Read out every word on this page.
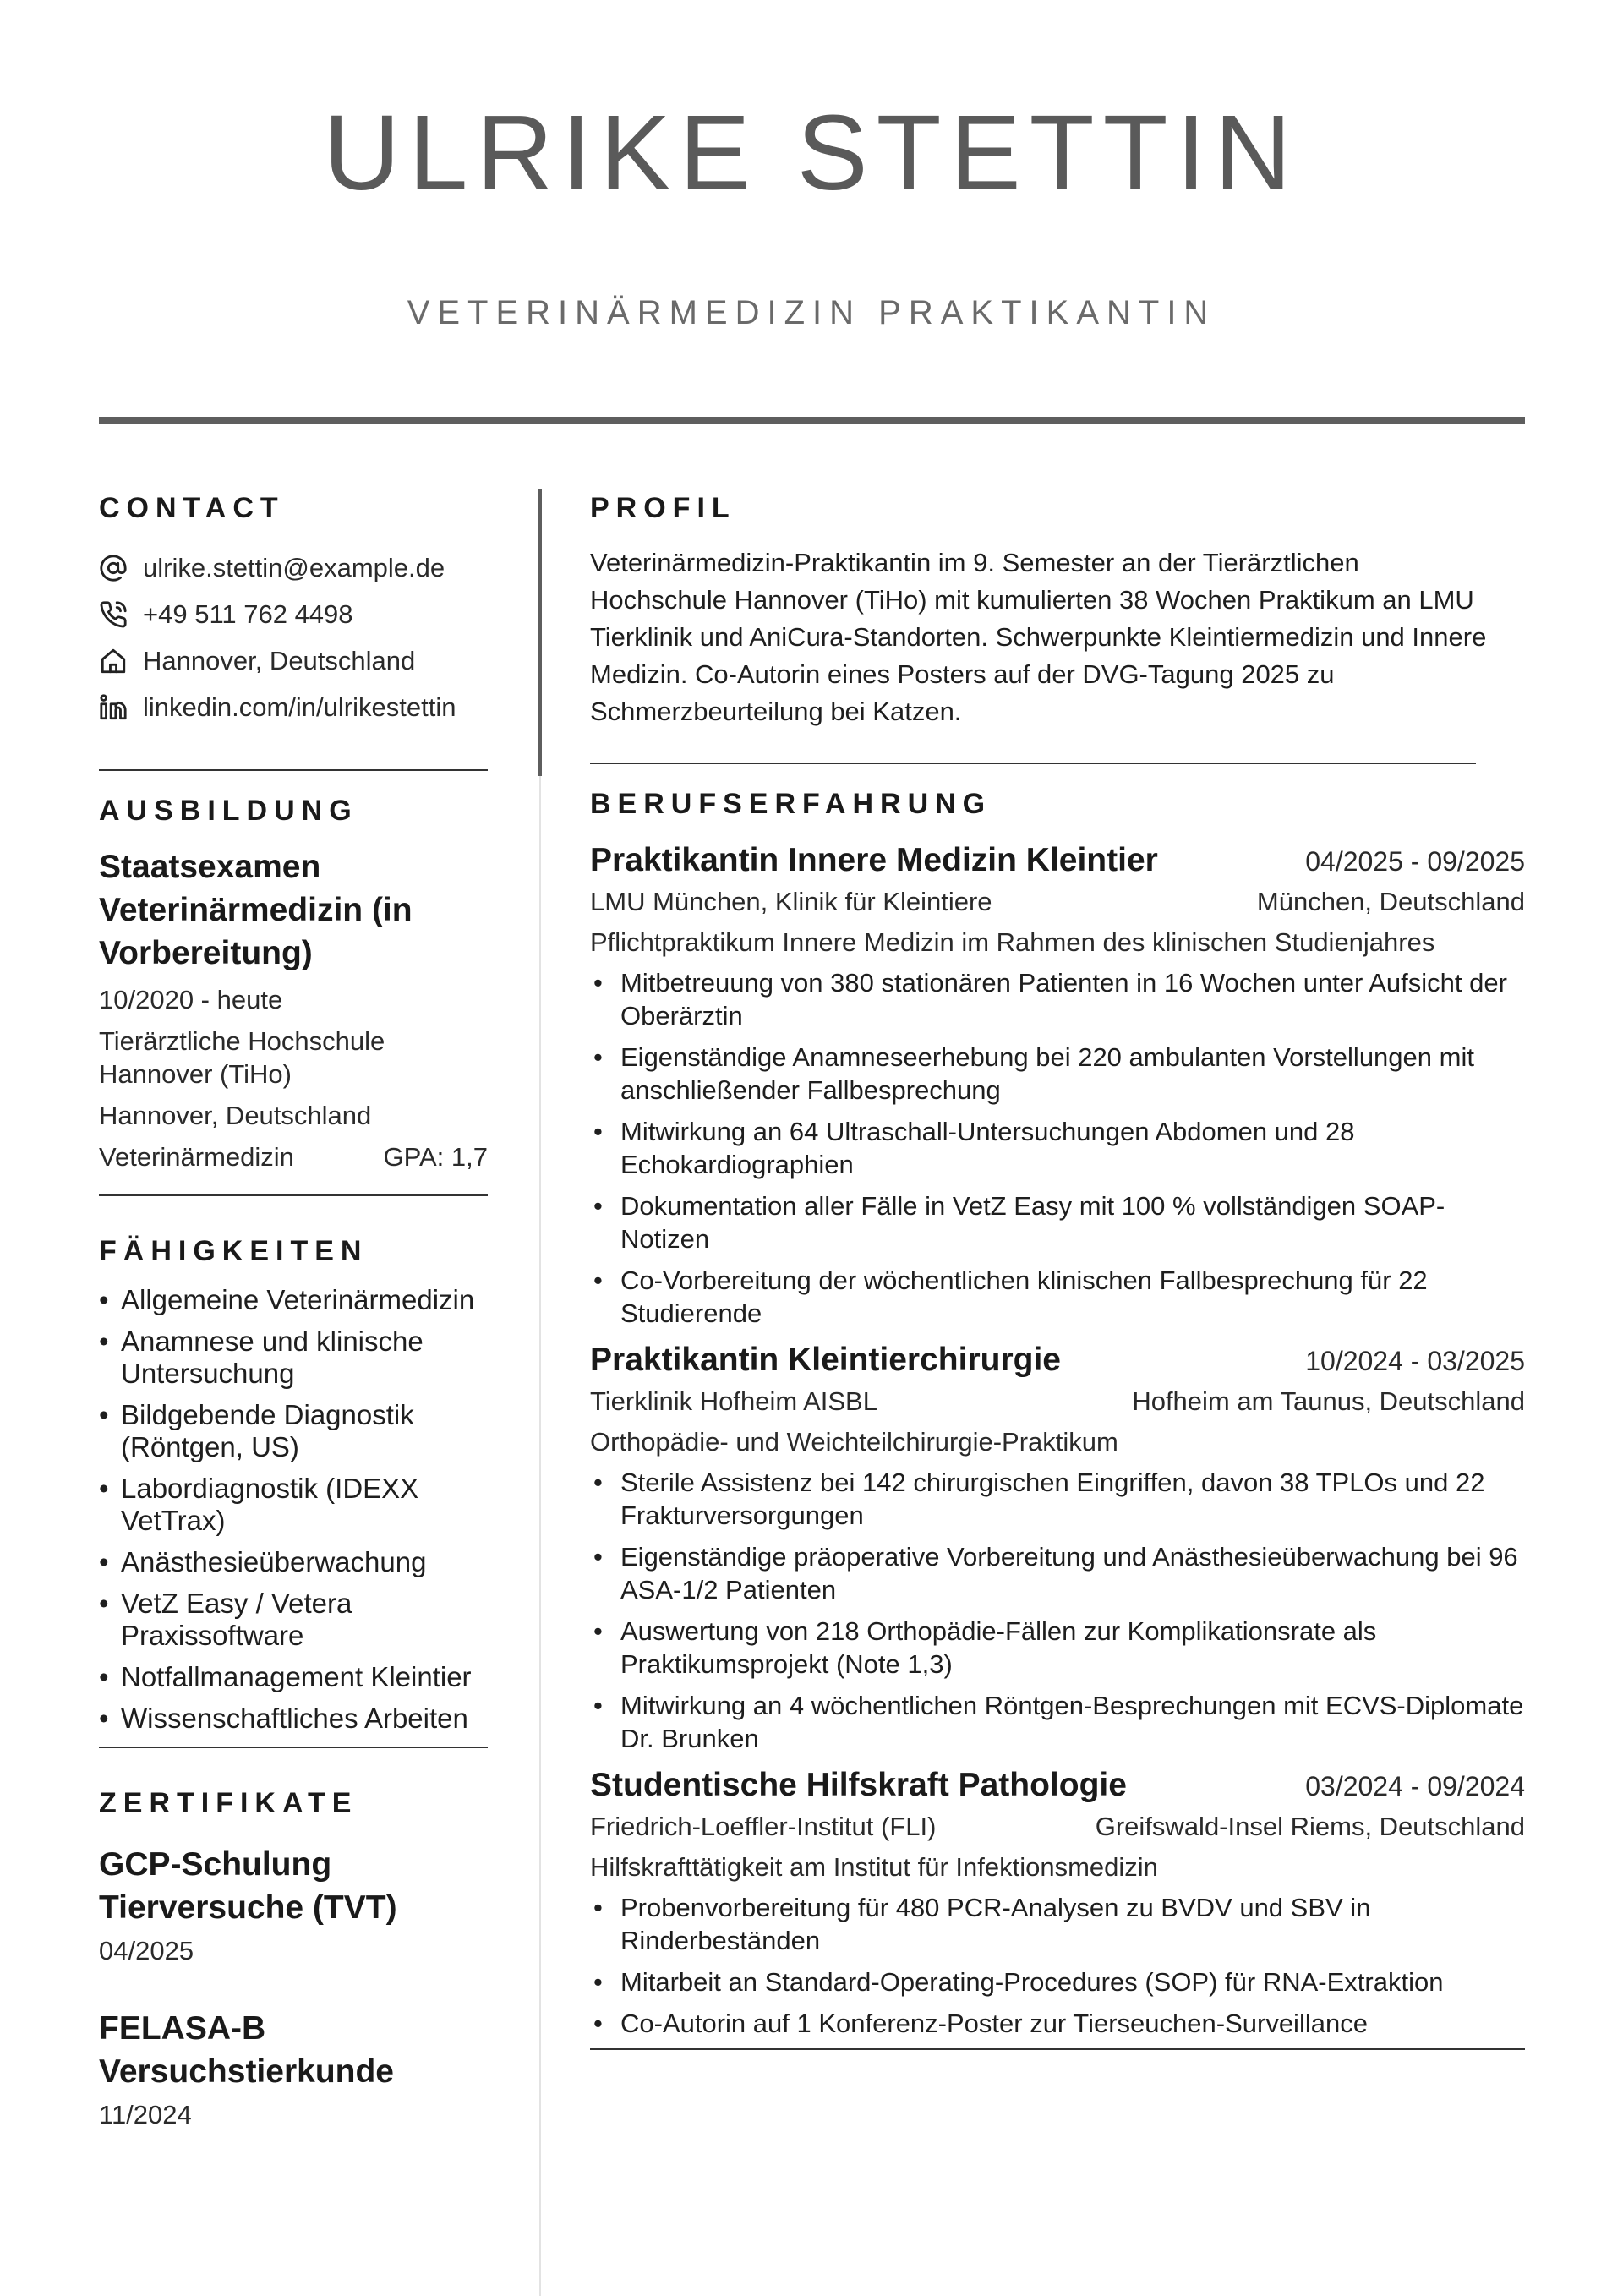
ULRIKE STETTIN
VETERINÄRMEDIZIN PRAKTIKANTIN
CONTACT
ulrike.stettin@example.de
+49 511 762 4498
Hannover, Deutschland
linkedin.com/in/ulrikestettin
AUSBILDUNG
Staatsexamen Veterinärmedizin (in Vorbereitung)
10/2020 - heute
Tierärztliche Hochschule Hannover (TiHo)
Hannover, Deutschland
Veterinärmedizin	GPA: 1,7
FÄHIGKEITEN
• Allgemeine Veterinärmedizin
• Anamnese und klinische Untersuchung
• Bildgebende Diagnostik (Röntgen, US)
• Labordiagnostik (IDEXX VetTrax)
• Anästhesieüberwachung
• VetZ Easy / Vetera Praxissoftware
• Notfallmanagement Kleintier
• Wissenschaftliches Arbeiten
ZERTIFIKATE
GCP-Schulung Tierversuche (TVT)
04/2025
FELASA-B Versuchstierkunde
11/2024
PROFIL
Veterinärmedizin-Praktikantin im 9. Semester an der Tierärztlichen Hochschule Hannover (TiHo) mit kumulierten 38 Wochen Praktikum an LMU Tierklinik und AniCura-Standorten. Schwerpunkte Kleintiermedizin und Innere Medizin. Co-Autorin eines Posters auf der DVG-Tagung 2025 zu Schmerzbeurteilung bei Katzen.
BERUFSERFAHRUNG
Praktikantin Innere Medizin Kleintier	04/2025 - 09/2025
LMU München, Klinik für Kleintiere	München, Deutschland
Pflichtpraktikum Innere Medizin im Rahmen des klinischen Studienjahres
• Mitbetreuung von 380 stationären Patienten in 16 Wochen unter Aufsicht der Oberärztin
• Eigenständige Anamneseerhebung bei 220 ambulanten Vorstellungen mit anschließender Fallbesprechung
• Mitwirkung an 64 Ultraschall-Untersuchungen Abdomen und 28 Echokardiographien
• Dokumentation aller Fälle in VetZ Easy mit 100 % vollständigen SOAP-Notizen
• Co-Vorbereitung der wöchentlichen klinischen Fallbesprechung für 22 Studierende
Praktikantin Kleintierchirurgie	10/2024 - 03/2025
Tierklinik Hofheim AISBL	Hofheim am Taunus, Deutschland
Orthopädie- und Weichteilchirurgie-Praktikum
• Sterile Assistenz bei 142 chirurgischen Eingriffen, davon 38 TPLOs und 22 Frakturversorgungen
• Eigenständige präoperative Vorbereitung und Anästhesieüberwachung bei 96 ASA-1/2 Patienten
• Auswertung von 218 Orthopädie-Fällen zur Komplikationsrate als Praktikumsprojekt (Note 1,3)
• Mitwirkung an 4 wöchentlichen Röntgen-Besprechungen mit ECVS-Diplomate Dr. Brunken
Studentische Hilfskraft Pathologie	03/2024 - 09/2024
Friedrich-Loeffler-Institut (FLI)	Greifswald-Insel Riems, Deutschland
Hilfskrafttätigkeit am Institut für Infektionsmedizin
• Probenvorbereitung für 480 PCR-Analysen zu BVDV und SBV in Rinderbeständen
• Mitarbeit an Standard-Operating-Procedures (SOP) für RNA-Extraktion
• Co-Autorin auf 1 Konferenz-Poster zur Tierseuchen-Surveillance
